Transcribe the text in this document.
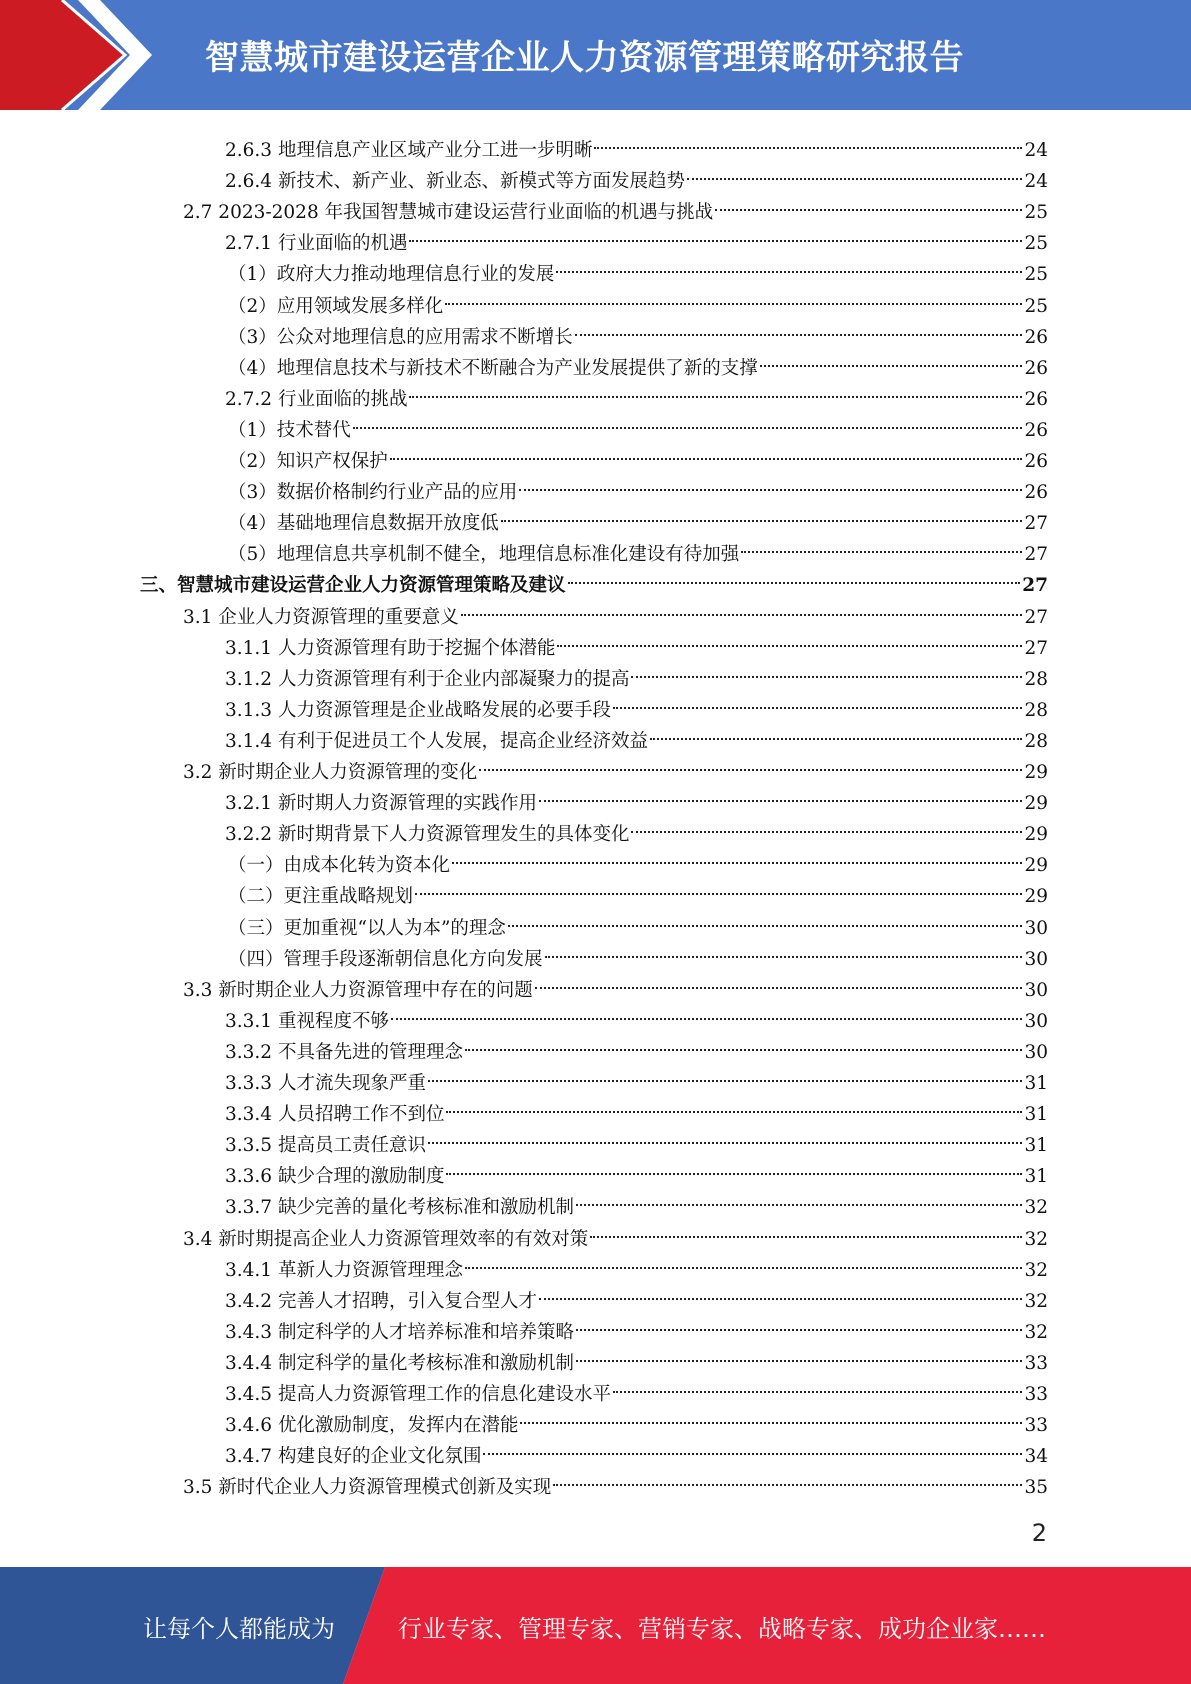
智慧城市建设运营企业人力资源管理策略研究报告
2.6.3 地理信息产业区域产业分工进一步明晰	24
2.6.4 新技术、新产业、新业态、新模式等方面发展趋势	24
2.7 2023-2028 年我国智慧城市建设运营行业面临的机遇与挑战	25
2.7.1 行业面临的机遇	25
（1）政府大力推动地理信息行业的发展	25
（2）应用领域发展多样化	25
（3）公众对地理信息的应用需求不断增长	26
（4）地理信息技术与新技术不断融合为产业发展提供了新的支撑	26
2.7.2 行业面临的挑战	26
（1）技术替代	26
（2）知识产权保护	26
（3）数据价格制约行业产品的应用	26
（4）基础地理信息数据开放度低	27
（5）地理信息共享机制不健全，地理信息标准化建设有待加强	27
三、智慧城市建设运营企业人力资源管理策略及建议	27
3.1 企业人力资源管理的重要意义	27
3.1.1 人力资源管理有助于挖掘个体潜能	27
3.1.2 人力资源管理有利于企业内部凝聚力的提高	28
3.1.3 人力资源管理是企业战略发展的必要手段	28
3.1.4 有利于促进员工个人发展，提高企业经济效益	28
3.2 新时期企业人力资源管理的变化	29
3.2.1 新时期人力资源管理的实践作用	29
3.2.2 新时期背景下人力资源管理发生的具体变化	29
（一）由成本化转为资本化	29
（二）更注重战略规划	29
（三）更加重视“以人为本”的理念	30
（四）管理手段逐渐朝信息化方向发展	30
3.3 新时期企业人力资源管理中存在的问题	30
3.3.1 重视程度不够	30
3.3.2 不具备先进的管理理念	30
3.3.3 人才流失现象严重	31
3.3.4 人员招聘工作不到位	31
3.3.5 提高员工责任意识	31
3.3.6 缺少合理的激励制度	31
3.3.7 缺少完善的量化考核标准和激励机制	32
3.4 新时期提高企业人力资源管理效率的有效对策	32
3.4.1 革新人力资源管理理念	32
3.4.2 完善人才招聘，引入复合型人才	32
3.4.3 制定科学的人才培养标准和培养策略	32
3.4.4 制定科学的量化考核标准和激励机制	33
3.4.5 提高人力资源管理工作的信息化建设水平	33
3.4.6 优化激励制度，发挥内在潜能	33
3.4.7 构建良好的企业文化氛围	34
3.5 新时代企业人力资源管理模式创新及实现	35
2
让每个人都能成为	行业专家、管理专家、营销专家、战略专家、成功企业家……
